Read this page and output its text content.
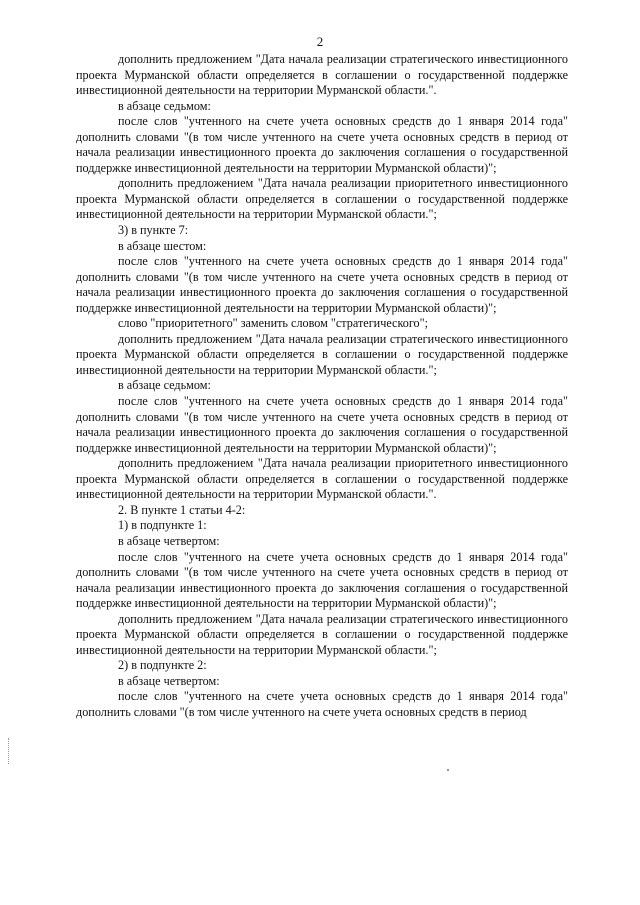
2

дополнить предложением "Дата начала реализации стратегического инвестиционного проекта Мурманской области определяется в соглашении о государственной поддержке инвестиционной деятельности на территории Мурманской области.".

в абзаце седьмом:

после слов "учтенного на счете учета основных средств до 1 января 2014 года" дополнить словами "(в том числе учтенного на счете учета основных средств в период от начала реализации инвестиционного проекта до заключения соглашения о государственной поддержке инвестиционной деятельности на территории Мурманской области)";

дополнить предложением "Дата начала реализации приоритетного инвестиционного проекта Мурманской области определяется в соглашении о государственной поддержке инвестиционной деятельности на территории Мурманской области.";

3) в пункте 7:

в абзаце шестом:

после слов "учтенного на счете учета основных средств до 1 января 2014 года" дополнить словами "(в том числе учтенного на счете учета основных средств в период от начала реализации инвестиционного проекта до заключения соглашения о государственной поддержке инвестиционной деятельности на территории Мурманской области)";

слово "приоритетного" заменить словом "стратегического";

дополнить предложением "Дата начала реализации стратегического инвестиционного проекта Мурманской области определяется в соглашении о государственной поддержке инвестиционной деятельности на территории Мурманской области.";

в абзаце седьмом:

после слов "учтенного на счете учета основных средств до 1 января 2014 года" дополнить словами "(в том числе учтенного на счете учета основных средств в период от начала реализации инвестиционного проекта до заключения соглашения о государственной поддержке инвестиционной деятельности на территории Мурманской области)";

дополнить предложением "Дата начала реализации приоритетного инвестиционного проекта Мурманской области определяется в соглашении о государственной поддержке инвестиционной деятельности на территории Мурманской области.".

2. В пункте 1 статьи 4-2:

1) в подпункте 1:

в абзаце четвертом:

после слов "учтенного на счете учета основных средств до 1 января 2014 года" дополнить словами "(в том числе учтенного на счете учета основных средств в период от начала реализации инвестиционного проекта до заключения соглашения о государственной поддержке инвестиционной деятельности на территории Мурманской области)";

дополнить предложением "Дата начала реализации стратегического инвестиционного проекта Мурманской области определяется в соглашении о государственной поддержке инвестиционной деятельности на территории Мурманской области.";

2) в подпункте 2:

в абзаце четвертом:

после слов "учтенного на счете учета основных средств до 1 января 2014 года" дополнить словами "(в том числе учтенного на счете учета основных средств в период
